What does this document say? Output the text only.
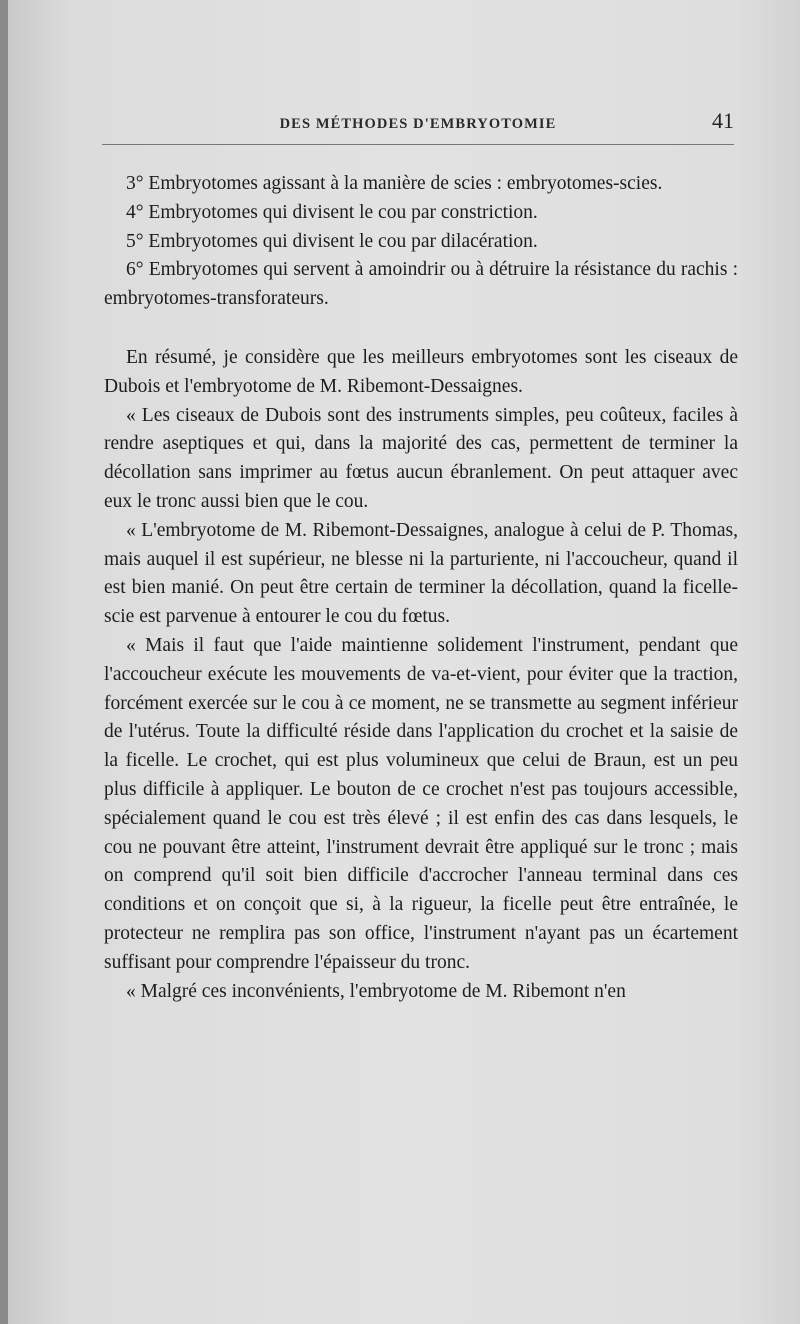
DES MÉTHODES D'EMBRYOTOMIE	41

3° Embryotomes agissant à la manière de scies : embryotomes-scies.

4° Embryotomes qui divisent le cou par constriction.

5° Embryotomes qui divisent le cou par dilacération.

6° Embryotomes qui servent à amoindrir ou à détruire la résistance du rachis : embryotomes-transforateurs.

En résumé, je considère que les meilleurs embryotomes sont les ciseaux de Dubois et l'embryotome de M. Ribemont-Dessaignes.

« Les ciseaux de Dubois sont des instruments simples, peu coûteux, faciles à rendre aseptiques et qui, dans la majorité des cas, permettent de terminer la décollation sans imprimer au fœtus aucun ébranlement. On peut attaquer avec eux le tronc aussi bien que le cou.

« L'embryotome de M. Ribemont-Dessaignes, analogue à celui de P. Thomas, mais auquel il est supérieur, ne blesse ni la parturiente, ni l'accoucheur, quand il est bien manié. On peut être certain de terminer la décollation, quand la ficelle-scie est parvenue à entourer le cou du fœtus.

« Mais il faut que l'aide maintienne solidement l'instrument, pendant que l'accoucheur exécute les mouvements de va-et-vient, pour éviter que la traction, forcément exercée sur le cou à ce moment, ne se transmette au segment inférieur de l'utérus. Toute la difficulté réside dans l'application du crochet et la saisie de la ficelle. Le crochet, qui est plus volumineux que celui de Braun, est un peu plus difficile à appliquer. Le bouton de ce crochet n'est pas toujours accessible, spécialement quand le cou est très élevé ; il est enfin des cas dans lesquels, le cou ne pouvant être atteint, l'instrument devrait être appliqué sur le tronc ; mais on comprend qu'il soit bien difficile d'accrocher l'anneau terminal dans ces conditions et on conçoit que si, à la rigueur, la ficelle peut être entraînée, le protecteur ne remplira pas son office, l'instrument n'ayant pas un écartement suffisant pour comprendre l'épaisseur du tronc.

« Malgré ces inconvénients, l'embryotome de M. Ribemont n'en
